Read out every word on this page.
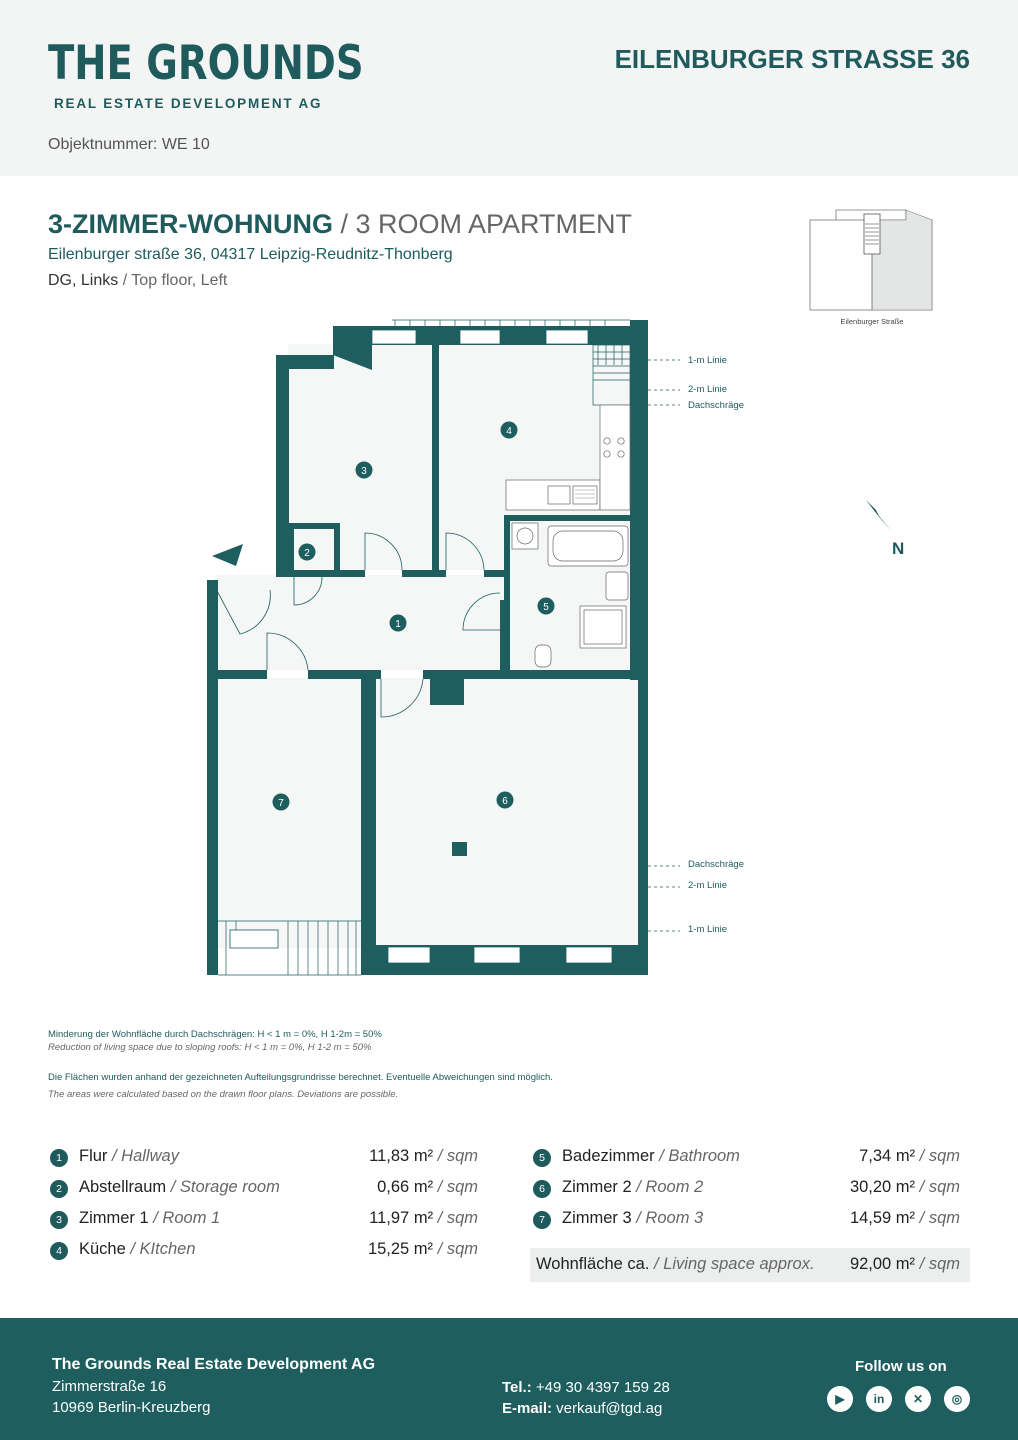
THE GROUNDS
REAL ESTATE DEVELOPMENT AG
EILENBURGER STRASSE 36
Objektnummer: WE 10
3-ZIMMER-WOHNUNG / 3 ROOM APARTMENT
Eilenburger straße 36, 04317 Leipzig-Reudnitz-Thonberg
DG, Links / Top floor, Left
Eilenburger Straße
1-m Linie
2-m Linie
Dachschräge
Dachschräge
2-m Linie
1-m Linie
1
2
3
4
5
6
7
N
Minderung der Wohnfläche durch Dachschrägen: H < 1 m = 0%, H 1-2m = 50%
Reduction of living space due to sloping roofs: H < 1 m = 0%, H 1-2 m = 50%
Die Flächen wurden anhand der gezeichneten Aufteilungsgrundrisse berechnet. Eventuelle Abweichungen sind möglich.
The areas were calculated based on the drawn floor plans. Deviations are possible.
1	Flur / Hallway	11,83 m² / sqm
2	Abstellraum / Storage room	0,66 m² / sqm
3	Zimmer 1 / Room 1	11,97 m² / sqm
4	Küche / KItchen	15,25 m² / sqm
5	Badezimmer / Bathroom	7,34 m² / sqm
6	Zimmer 2 / Room 2	30,20 m² / sqm
7	Zimmer 3 / Room 3	14,59 m² / sqm
Wohnfläche ca. / Living space approx. 92,00 m² / sqm
The Grounds Real Estate Development AG
Zimmerstraße 16
10969 Berlin-Kreuzberg
Tel.: +49 30 4397 159 28
E-mail: verkauf@tgd.ag
Follow us on
▶	in	✕	◎
